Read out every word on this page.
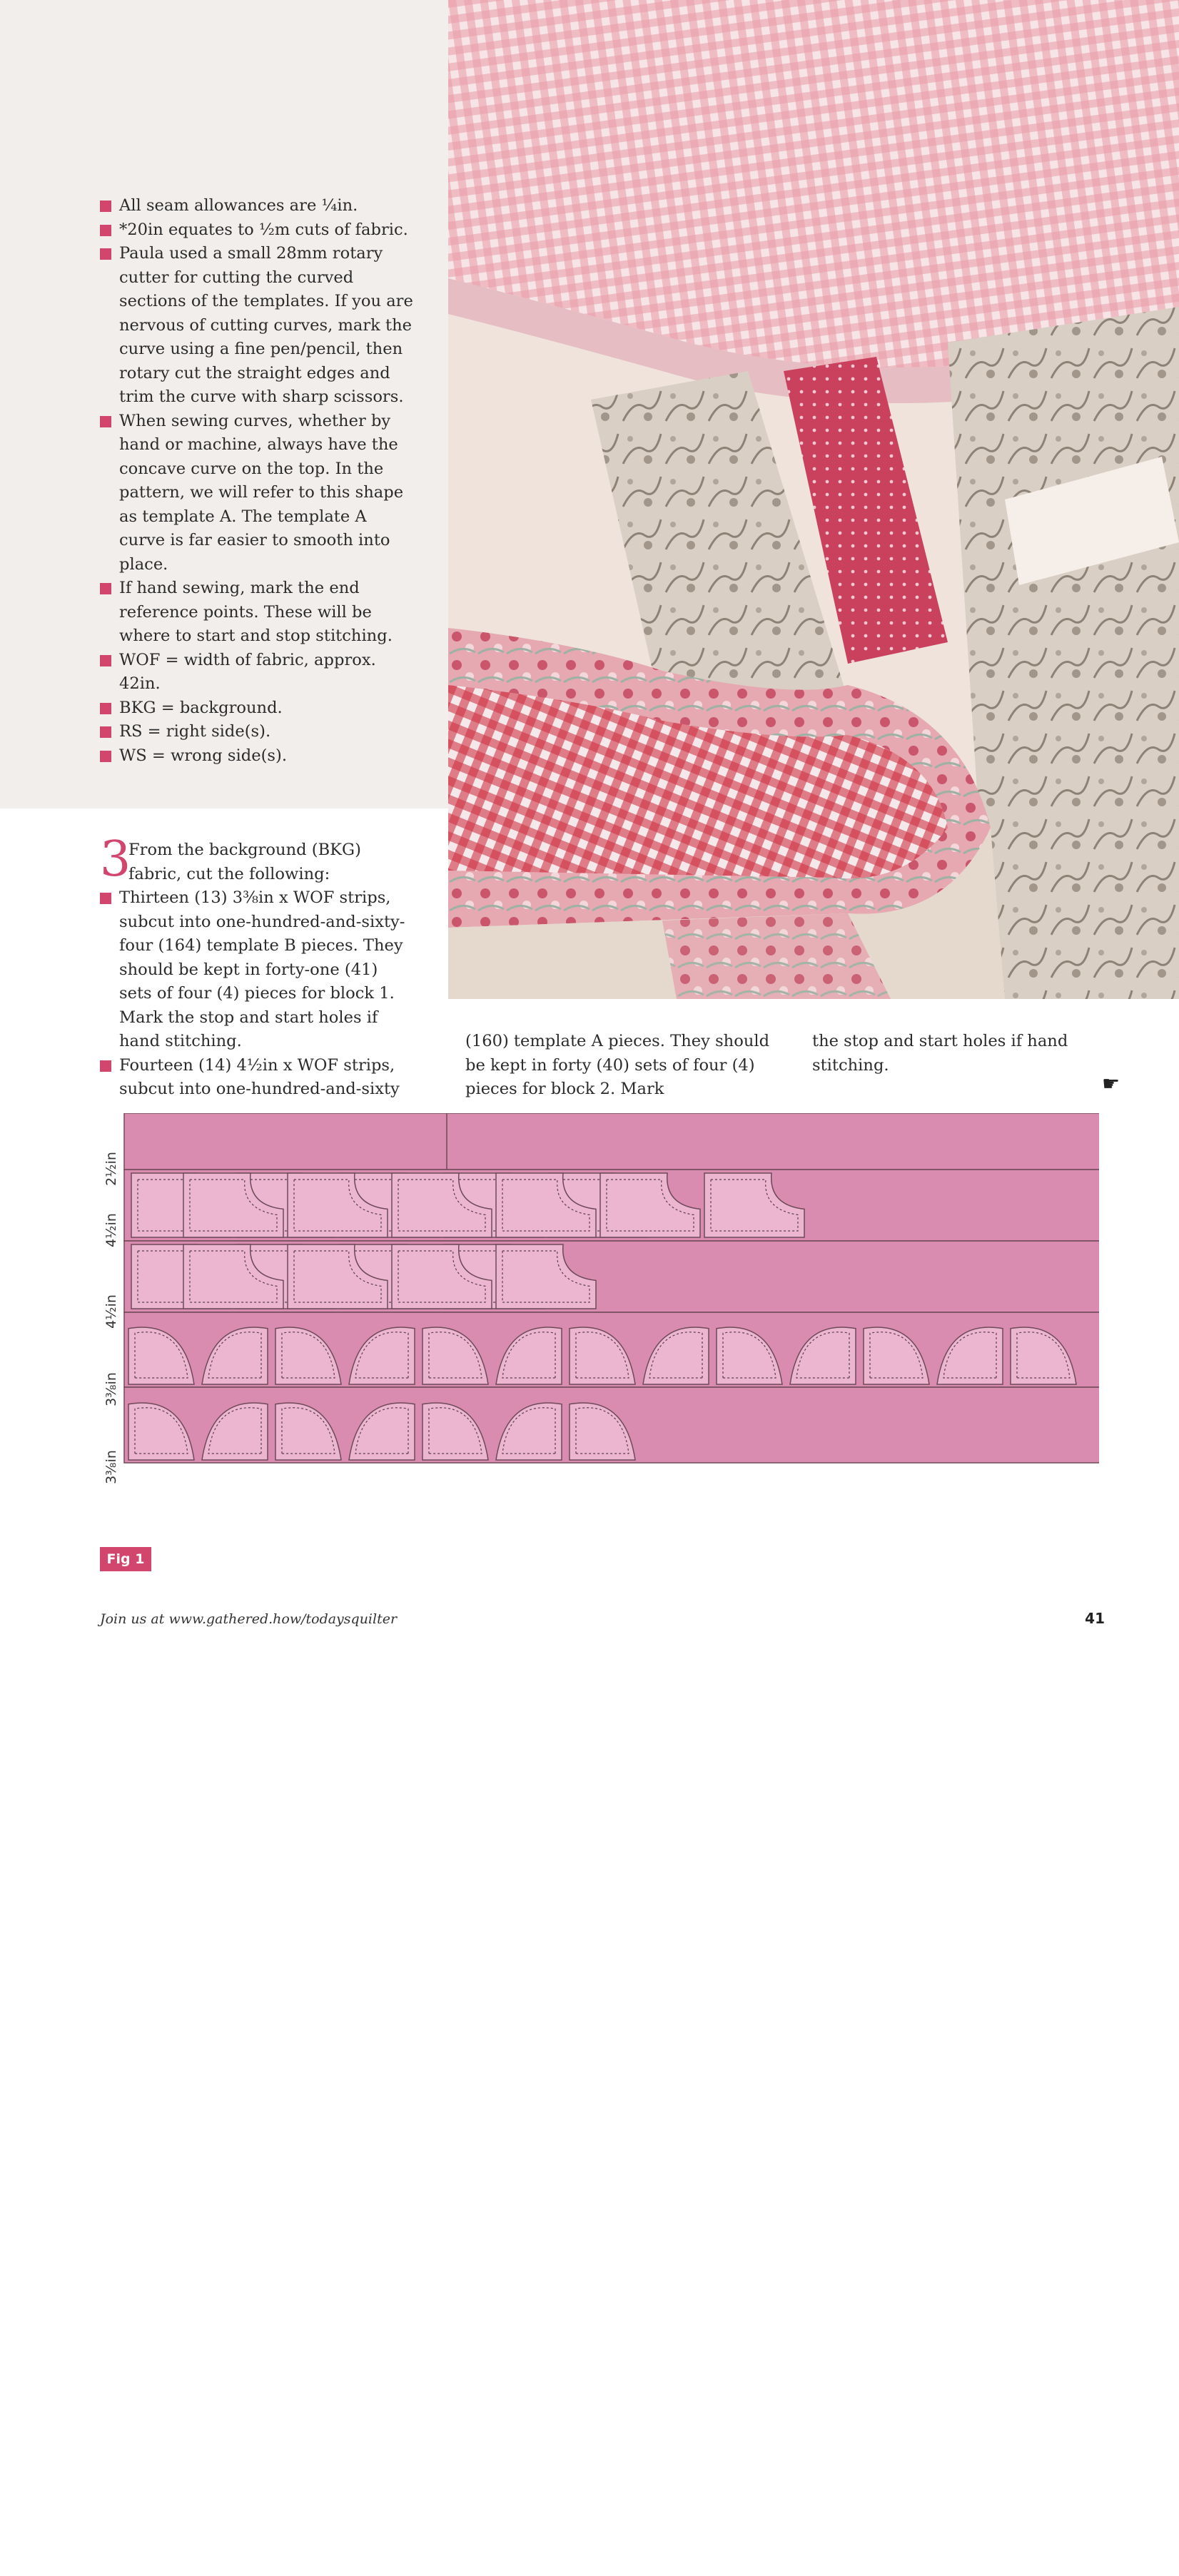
All seam allowances are ¼in.
*20in equates to ½m cuts of fabric.
Paula used a small 28mm rotary cutter for cutting the curved sections of the templates. If you are nervous of cutting curves, mark the curve using a fine pen/pencil, then rotary cut the straight edges and trim the curve with sharp scissors.
When sewing curves, whether by hand or machine, always have the concave curve on the top. In the pattern, we will refer to this shape as template A. The template A curve is far easier to smooth into place.
If hand sewing, mark the end reference points. These will be where to start and stop stitching.
WOF = width of fabric, approx. 42in.
BKG = background.
RS = right side(s).
WS = wrong side(s).
3
From the background (BKG) fabric, cut the following:
Thirteen (13) 3⅜in x WOF strips, subcut into one-hundred-and-sixty-four (164) template B pieces. They should be kept in forty-one (41) sets of four (4) pieces for block 1. Mark the stop and start holes if hand stitching.
Fourteen (14) 4½in x WOF strips, subcut into one-hundred-and-sixty
(160) template A pieces. They should be kept in forty (40) sets of four (4) pieces for block 2. Mark
the stop and start holes if hand stitching.
☛
2½in
4½in
4½in
3⅜in
3⅜in
Fig 1
Join us at www.gathered.how/todaysquilter	41
